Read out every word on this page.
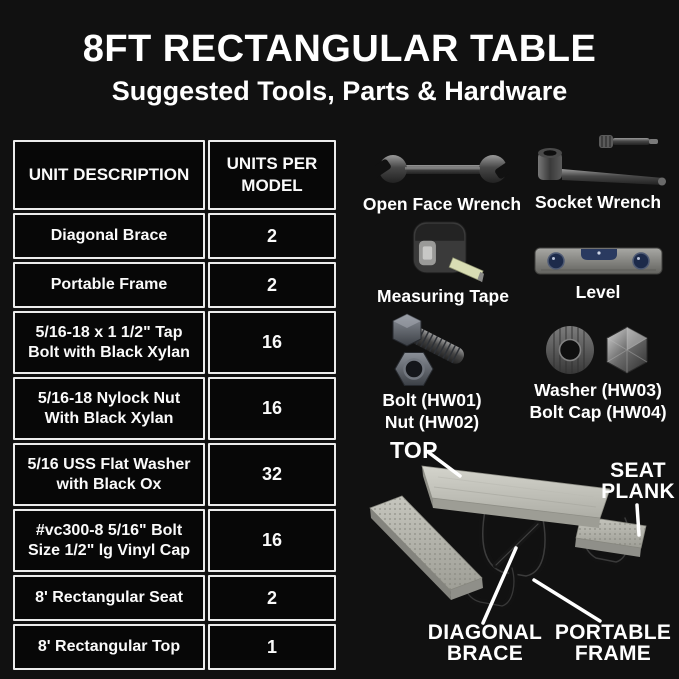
8FT RECTANGULAR TABLE
Suggested Tools, Parts & Hardware
UNIT DESCRIPTION	UNITS PER MODEL
Diagonal Brace	2
Portable Frame	2
5/16-18 x 1 1/2" Tap Bolt with Black Xylan	16
5/16-18 Nylock Nut With Black Xylan	16
5/16 USS Flat Washer with Black Ox	32
#vc300-8 5/16" Bolt Size 1/2" lg Vinyl Cap	16
8' Rectangular Seat	2
8' Rectangular Top	1
Open Face Wrench Socket Wrench
Measuring Tape	Level
Bolt (HW01)
Nut (HW02)
Washer (HW03)
Bolt Cap (HW04)
TOP
SEAT
PLANK
DIAGONAL
BRACE
PORTABLE
FRAME
